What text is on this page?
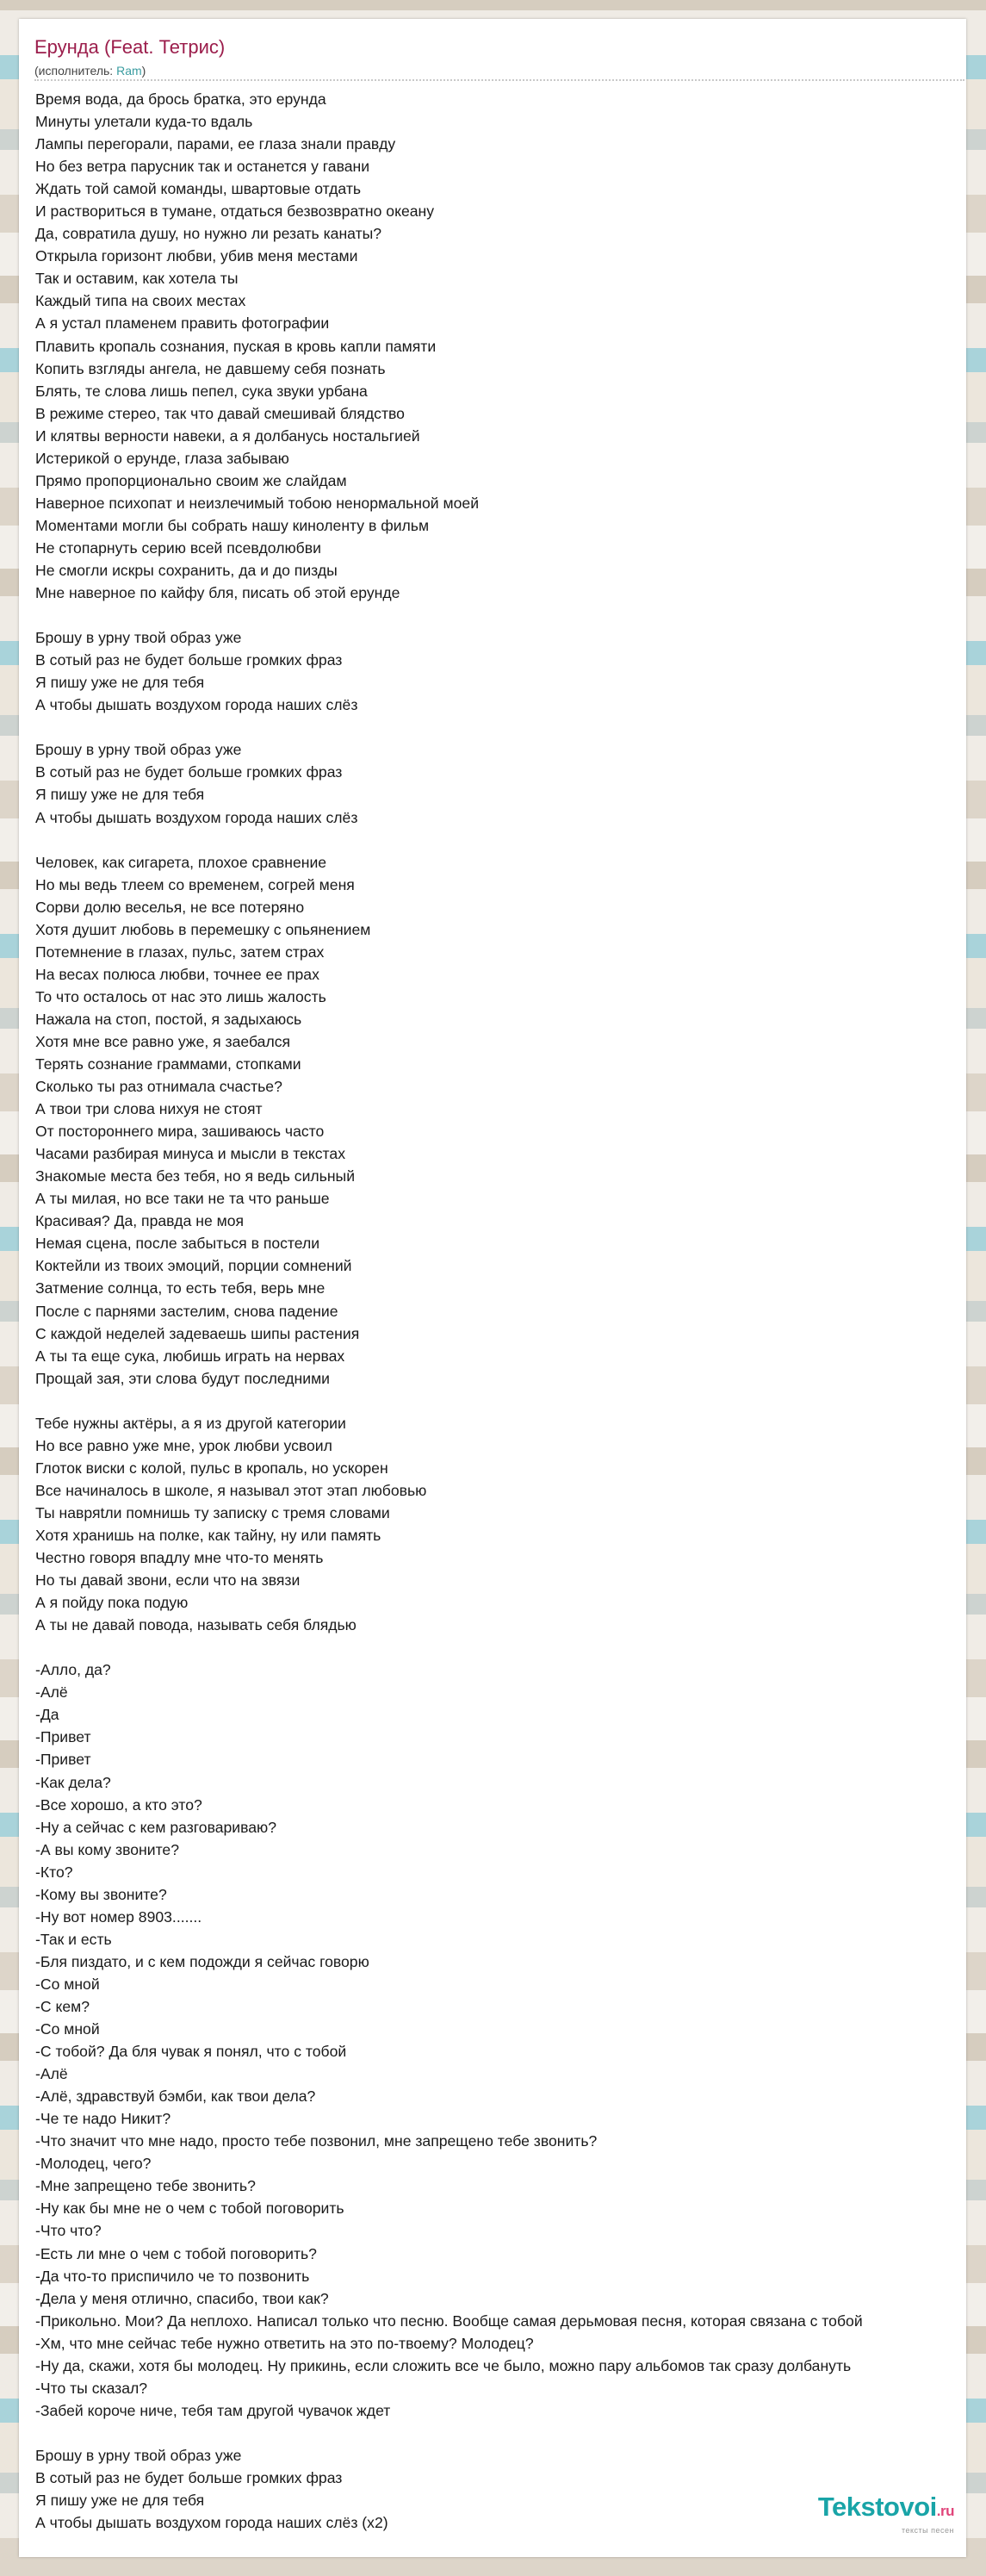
Ерунда (Feat. Тетрис)
(исполнитель: Ram)
Время вода, да брось братка, это ерунда
Минуты улетали куда-то вдаль
Лампы перегорали, парами, ее глаза знали правду
Но без ветра парусник так и останется у гавани
Ждать той самой команды, швартовые отдать
И раствориться в тумане, отдаться безвозвратно океану
Да, совратила душу, но нужно ли резать канаты?
Открыла горизонт любви, убив меня местами
Так и оставим, как хотела ты
Каждый типа на своих местах
А я устал пламенем править фотографии
Плавить кропаль сознания, пуская в кровь капли памяти
Копить взгляды ангела, не давшему себя познать
Блять, те слова лишь пепел, сука звуки урбана
В режиме стерео, так что давай смешивай блядство
И клятвы верности навеки, а я долбанусь ностальгией
Истерикой о ерунде, глаза забываю
Прямо пропорционально своим же слайдам
Наверное психопат и неизлечимый тобою ненормальной моей
Моментами могли бы собрать нашу киноленту в фильм
Не стопарнуть серию всей псевдолюбви
Не смогли искры сохранить, да и до пизды
Мне наверное по кайфу бля, писать об этой ерунде
Брошу в урну твой образ уже
В сотый раз не будет больше громких фраз
Я пишу уже не для тебя
А чтобы дышать воздухом города наших слёз
Брошу в урну твой образ уже
В сотый раз не будет больше громких фраз
Я пишу уже не для тебя
А чтобы дышать воздухом города наших слёз
Человек, как сигарета, плохое сравнение
Но мы ведь тлеем со временем, согрей меня
Сорви долю веселья, не все потеряно
Хотя душит любовь в перемешку с опьянением
Потемнение в глазах, пульс, затем страх
На весах полюса любви, точнее ее прах
То что осталось от нас это лишь жалость
Нажала на стоп, постой, я задыхаюсь
Хотя мне все равно уже, я заебался
Терять сознание граммами, стопками
Сколько ты раз отнимала счастье?
А твои три слова нихуя не стоят
От постороннего мира, зашиваюсь часто
Часами разбирая минуса и мысли в текстах
Знакомые места без тебя, но я ведь сильный
А ты милая, но все таки не та что раньше
Красивая? Да, правда не моя
Немая сцена, после забыться в постели
Коктейли из твоих эмоций, порции сомнений
Затмение солнца, то есть тебя, верь мне
После с парнями застелим, снова падение
С каждой неделей задеваешь шипы растения
А ты та еще сука, любишь играть на нервах
Прощай зая, эти слова будут последними
Тебе нужны актёры, а я из другой категории
Но все равно уже мне, урок любви усвоил
Глоток виски с колой, пульс в кропаль, но ускорен
Все начиналось в школе, я называл этот этап любовью
Ты навряtли помнишь ту записку с тремя словами
Хотя хранишь на полке, как тайну, ну или память
Честно говоря впадлу мне что-то менять
Но ты давай звони, если что на звязи
А я пойду пока подую
А ты не давай повода, называть себя блядью
-Алло, да?
-Алё
-Да
-Привет
-Привет
-Как дела?
-Все хорошо, а кто это?
-Ну а сейчас с кем разговариваю?
-А вы кому звоните?
-Кто?
-Кому вы звоните?
-Ну вот номер 8903.......
-Так и есть
-Бля пиздато, и с кем подожди я сейчас говорю
-Со мной
-С кем?
-Со мной
-С тобой? Да бля чувак я понял, что с тобой
-Алё
-Алё, здравствуй бэмби, как твои дела?
-Че те надо Никит?
-Что значит что мне надо, просто тебе позвонил, мне запрещено тебе звонить?
-Молодец, чего?
-Мне запрещено тебе звонить?
-Ну как бы мне не о чем с тобой поговорить
-Что что?
-Есть ли мне о чем с тобой поговорить?
-Да что-то приспичило че то позвонить
-Дела у меня отлично, спасибо, твои как?
-Прикольно. Мои? Да неплохо. Написал только что песню. Вообще самая дерьмовая песня, которая связана с тобой
-Хм, что мне сейчас тебе нужно ответить на это по-твоему? Молодец?
-Ну да, скажи, хотя бы молодец. Ну прикинь, если сложить все че было, можно пару альбомов так сразу долбануть
-Что ты сказал?
-Забей короче ниче, тебя там другой чувачок ждет
Брошу в урну твой образ уже
В сотый раз не будет больше громких фраз
Я пишу уже не для тебя
А чтобы дышать воздухом города наших слёз (x2)
Tekstovoi.ru
тексты песен
